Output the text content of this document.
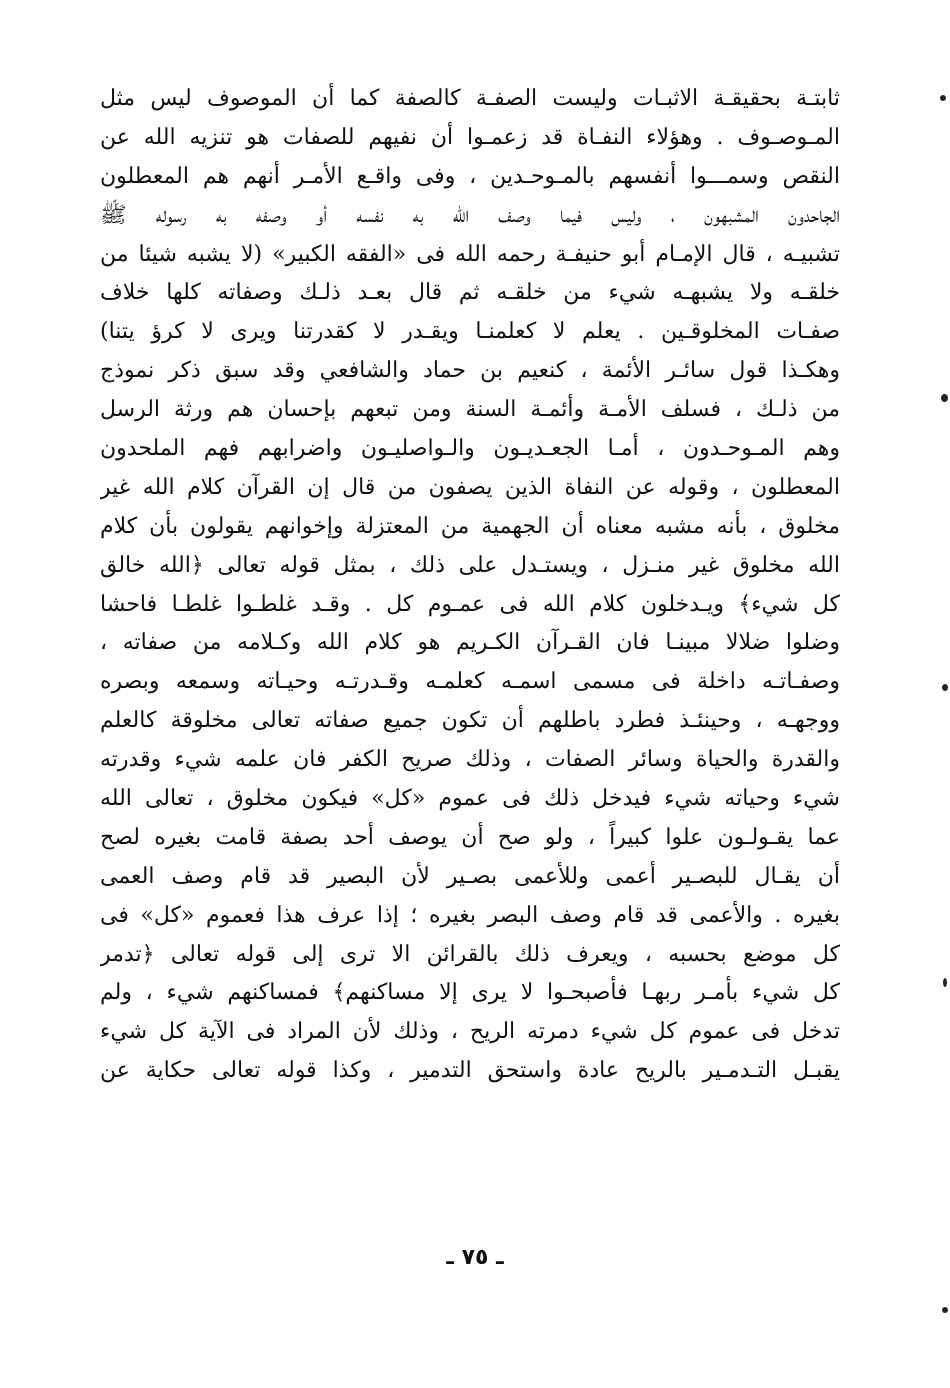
ثابتـة بحقيقـة الاثبـات وليست الصفـة كالصفة كما أن الموصوف ليس مثل
المـوصـوف . وهؤلاء النفـاة قد زعمـوا أن نفيهم للصفات هو تنزيه الله عن
النقص وسمـــوا أنفسهم بالمـوحـدين ، وفى واقـع الأمـر أنهم هم المعطلون
الجاحدون المشبهون ، وليس فيما وصف الله به نفسه أو وصفه به رسوله ﷺ
تشبيـه ، قال الإمـام أبو حنيفـة رحمه الله فى «الفقه الكبير» (لا يشبه شيئا من
خلقـه ولا يشبهـه شيء من خلقـه ثم قال بعـد ذلـك وصفاته كلها خلاف
صفـات المخلوقـين . يعلم لا كعلمنـا ويقـدر لا كقدرتنا ويرى لا كرؤ يتنا)
وهكـذا قول سائـر الأئمة ، كنعيم بن حماد والشافعي وقد سبق ذكر نموذج
من ذلـك ، فسلف الأمـة وأئمـة السنة ومن تبعهم بإحسان هم ورثة الرسل
وهم المـوحـدون ، أمـا الجعـديـون والـواصليـون واضرابهم فهم الملحدون
المعطلون ، وقوله عن النفاة الذين يصفون من قال إن القرآن كلام الله غير
مخلوق ، بأنه مشبه معناه أن الجهمية من المعتزلة وإخوانهم يقولون بأن كلام
الله مخلوق غير منـزل ، ويستـدل على ذلك ، بمثل قوله تعالى ﴿الله خالق
كل شيء﴾ ويـدخلون كلام الله فى عمـوم كل . وقـد غلطـوا غلطـا فاحشا
وضلوا ضلالا مبينـا فان القـرآن الكـريم هو كلام الله وكـلامه من صفاته ،
وصفـاتـه داخلة فى مسمى اسمـه كعلمـه وقـدرتـه وحيـاته وسمعه وبصره
ووجهـه ، وحينئـذ فطرد باطلهم أن تكون جميع صفاته تعالى مخلوقة كالعلم
والقدرة والحياة وسائر الصفات ، وذلك صريح الكفر فان علمه شيء وقدرته
شيء وحياته شيء فيدخل ذلك فى عموم «كل» فيكون مخلوق ، تعالى الله
عما يقـولـون علوا كبيراً ، ولو صح أن يوصف أحد بصفة قامت بغيره لصح
أن يقـال للبصـير أعمى وللأعمى بصـير لأن البصير قد قام وصف العمى
بغيره . والأعمى قد قام وصف البصر بغيره ؛ إذا عرف هذا فعموم «كل» فى
كل موضع بحسبه ، ويعرف ذلك بالقرائن الا ترى إلى قوله تعالى ﴿تدمر
كل شيء بأمـر ربهـا فأصبحـوا لا يرى إلا مساكنهم﴾ فمساكنهم شيء ، ولم
تدخل فى عموم كل شيء دمرته الريح ، وذلك لأن المراد فى الآية كل شيء
يقبـل التـدمـير بالريح عادة واستحق التدمير ، وكذا قوله تعالى حكاية عن
ـ ٧٥ ـ
